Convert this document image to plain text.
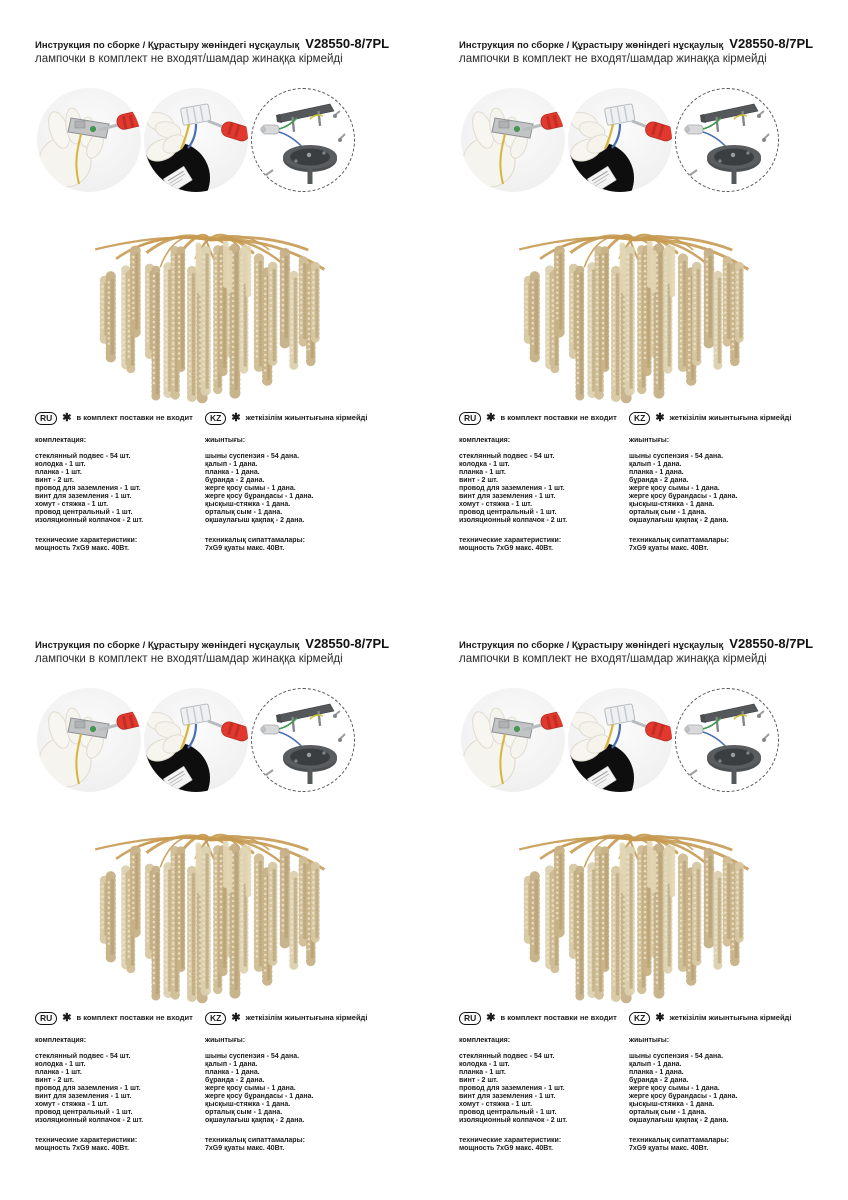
Инструкция по сборке / Құрастыру жөніндегі нұсқаулық V28550-8/7PL
лампочки в комплект не входят/шамдар жинаққа кірмейді
RU ✱ в комплект поставки не входит
комплектация:
стеклянный подвес - 54 шт.
колодка - 1 шт.
планка - 1 шт.
винт - 2 шт.
провод для заземления - 1 шт.
винт для заземления - 1 шт.
хомут - стяжка - 1 шт.
провод центральный - 1 шт.
изоляционный колпачок - 2 шт.
технические характеристики:
мощность 7xG9 макс. 40Вт.
KZ ✱ жеткізілім жиынтығына кірмейді
жиынтығы:
шыны суспензия - 54 дана.
қалып - 1 дана.
планка - 1 дана.
бұранда - 2 дана.
жерге қосу сымы - 1 дана.
жерге қосу бұрандасы - 1 дана.
қысқыш-стяжка - 1 дана.
орталық сым - 1 дана.
оқшаулағыш қақпақ - 2 дана.
техникалық сипаттамалары:
7xG9 қуаты макс. 40Вт.
Инструкция по сборке / Құрастыру жөніндегі нұсқаулық V28550-8/7PL
лампочки в комплект не входят/шамдар жинаққа кірмейді
RU ✱ в комплект поставки не входит
комплектация:
стеклянный подвес - 54 шт.
колодка - 1 шт.
планка - 1 шт.
винт - 2 шт.
провод для заземления - 1 шт.
винт для заземления - 1 шт.
хомут - стяжка - 1 шт.
провод центральный - 1 шт.
изоляционный колпачок - 2 шт.
технические характеристики:
мощность 7xG9 макс. 40Вт.
KZ ✱ жеткізілім жиынтығына кірмейді
жиынтығы:
шыны суспензия - 54 дана.
қалып - 1 дана.
планка - 1 дана.
бұранда - 2 дана.
жерге қосу сымы - 1 дана.
жерге қосу бұрандасы - 1 дана.
қысқыш-стяжка - 1 дана.
орталық сым - 1 дана.
оқшаулағыш қақпақ - 2 дана.
техникалық сипаттамалары:
7xG9 қуаты макс. 40Вт.
Инструкция по сборке / Құрастыру жөніндегі нұсқаулық V28550-8/7PL
лампочки в комплект не входят/шамдар жинаққа кірмейді
RU ✱ в комплект поставки не входит
комплектация:
стеклянный подвес - 54 шт.
колодка - 1 шт.
планка - 1 шт.
винт - 2 шт.
провод для заземления - 1 шт.
винт для заземления - 1 шт.
хомут - стяжка - 1 шт.
провод центральный - 1 шт.
изоляционный колпачок - 2 шт.
технические характеристики:
мощность 7xG9 макс. 40Вт.
KZ ✱ жеткізілім жиынтығына кірмейді
жиынтығы:
шыны суспензия - 54 дана.
қалып - 1 дана.
планка - 1 дана.
бұранда - 2 дана.
жерге қосу сымы - 1 дана.
жерге қосу бұрандасы - 1 дана.
қысқыш-стяжка - 1 дана.
орталық сым - 1 дана.
оқшаулағыш қақпақ - 2 дана.
техникалық сипаттамалары:
7xG9 қуаты макс. 40Вт.
Инструкция по сборке / Құрастыру жөніндегі нұсқаулық V28550-8/7PL
лампочки в комплект не входят/шамдар жинаққа кірмейді
RU ✱ в комплект поставки не входит
комплектация:
стеклянный подвес - 54 шт.
колодка - 1 шт.
планка - 1 шт.
винт - 2 шт.
провод для заземления - 1 шт.
винт для заземления - 1 шт.
хомут - стяжка - 1 шт.
провод центральный - 1 шт.
изоляционный колпачок - 2 шт.
технические характеристики:
мощность 7xG9 макс. 40Вт.
KZ ✱ жеткізілім жиынтығына кірмейді
жиынтығы:
шыны суспензия - 54 дана.
қалып - 1 дана.
планка - 1 дана.
бұранда - 2 дана.
жерге қосу сымы - 1 дана.
жерге қосу бұрандасы - 1 дана.
қысқыш-стяжка - 1 дана.
орталық сым - 1 дана.
оқшаулағыш қақпақ - 2 дана.
техникалық сипаттамалары:
7xG9 қуаты макс. 40Вт.
